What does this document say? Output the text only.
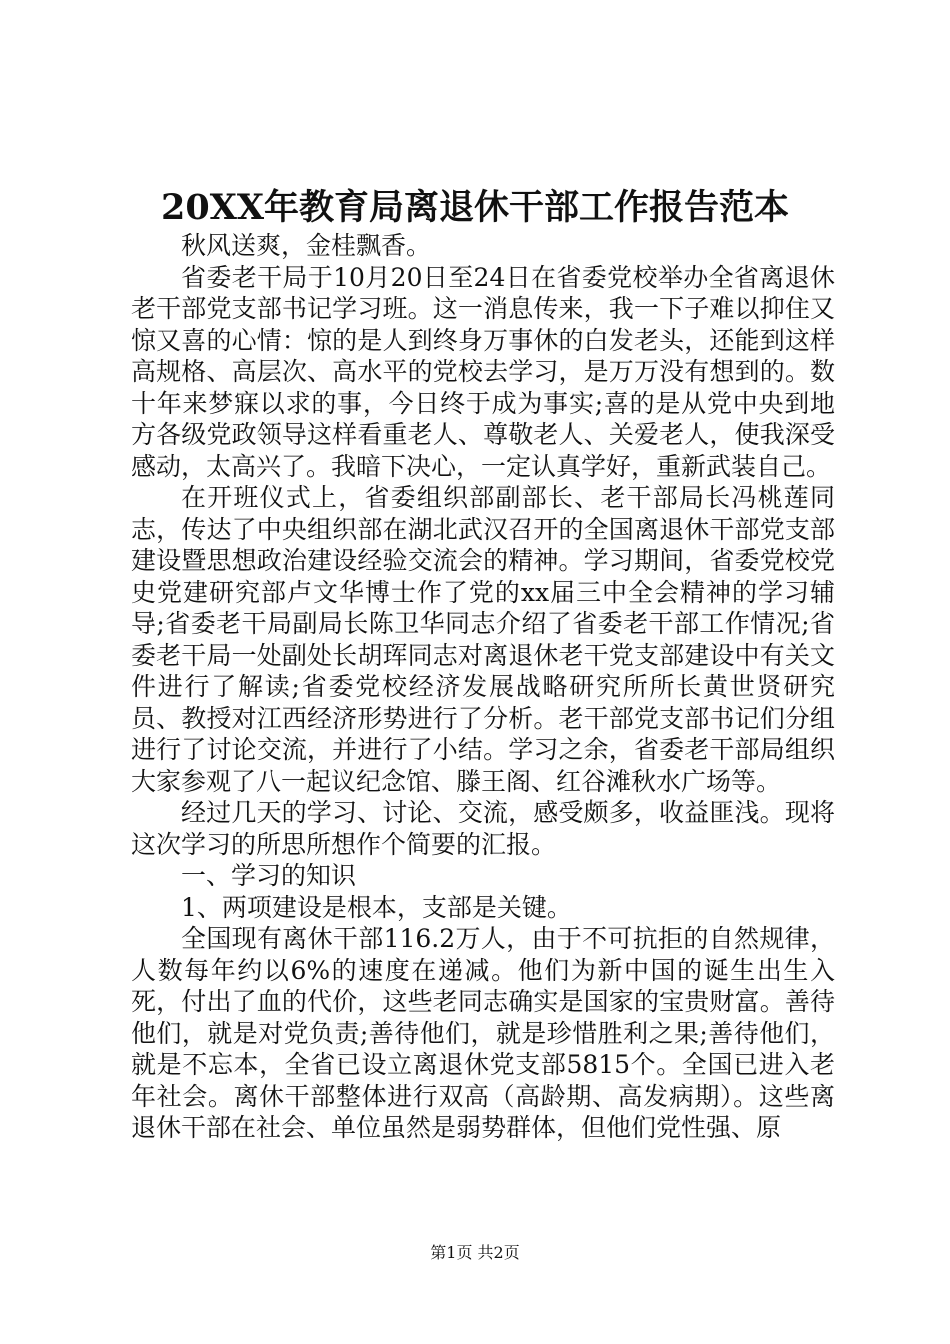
20XX年教育局离退休干部工作报告范本

秋风送爽，金桂飘香。

省委老干局于10月20日至24日在省委党校举办全省离退休老干部党支部书记学习班。这一消息传来，我一下子难以抑住又惊又喜的心情：惊的是人到终身万事休的白发老头，还能到这样高规格、高层次、高水平的党校去学习，是万万没有想到的。数十年来梦寐以求的事，今日终于成为事实;喜的是从党中央到地方各级党政领导这样看重老人、尊敬老人、关爱老人，使我深受感动，太高兴了。我暗下决心，一定认真学好，重新武装自己。

在开班仪式上，省委组织部副部长、老干部局长冯桃莲同志，传达了中央组织部在湖北武汉召开的全国离退休干部党支部建设暨思想政治建设经验交流会的精神。学习期间，省委党校党史党建研究部卢文华博士作了党的xx届三中全会精神的学习辅导;省委老干局副局长陈卫华同志介绍了省委老干部工作情况;省委老干局一处副处长胡珲同志对离退休老干党支部建设中有关文件进行了解读;省委党校经济发展战略研究所所长黄世贤研究员、教授对江西经济形势进行了分析。老干部党支部书记们分组进行了讨论交流，并进行了小结。学习之余，省委老干部局组织大家参观了八一起议纪念馆、滕王阁、红谷滩秋水广场等。

经过几天的学习、讨论、交流，感受颇多，收益匪浅。现将这次学习的所思所想作个简要的汇报。

一、学习的知识

1、两项建设是根本，支部是关键。

全国现有离休干部116.2万人，由于不可抗拒的自然规律，人数每年约以6%的速度在递减。他们为新中国的诞生出生入死，付出了血的代价，这些老同志确实是国家的宝贵财富。善待他们，就是对党负责;善待他们，就是珍惜胜利之果;善待他们，就是不忘本，全省已设立离退休党支部5815个。全国已进入老年社会。离休干部整体进行双高（高龄期、高发病期）。这些离退休干部在社会、单位虽然是弱势群体，但他们党性强、原

第1页 共2页
